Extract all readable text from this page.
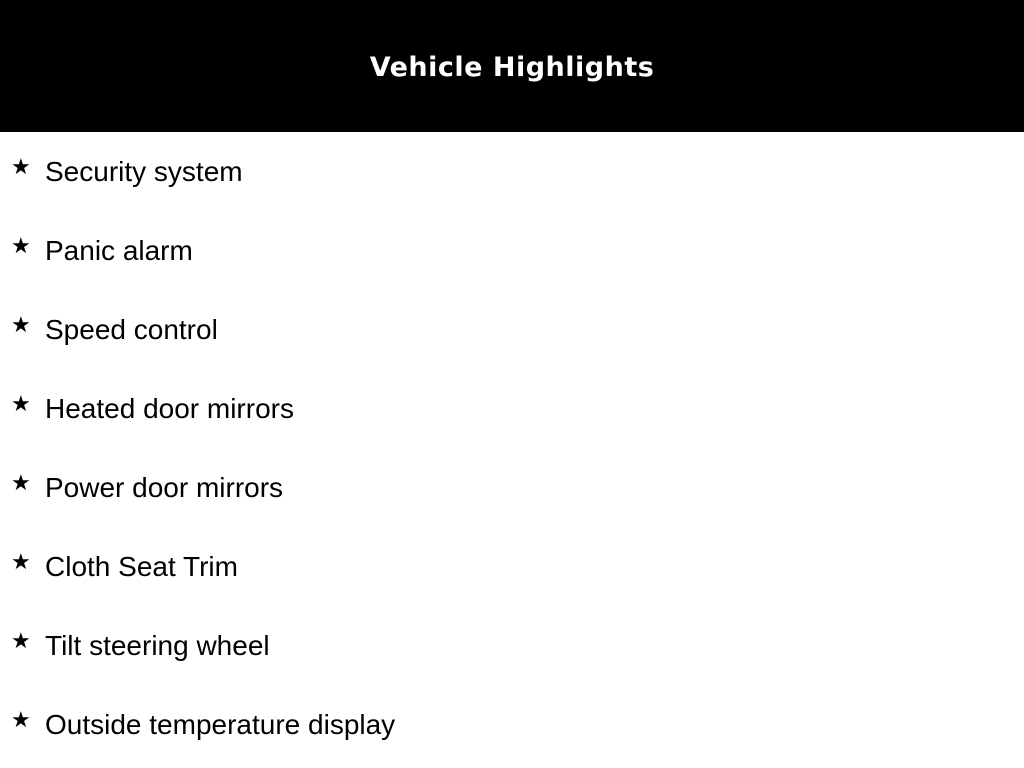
Vehicle Highlights
★ Security system
★ Panic alarm
★ Speed control
★ Heated door mirrors
★ Power door mirrors
★ Cloth Seat Trim
★ Tilt steering wheel
★ Outside temperature display
